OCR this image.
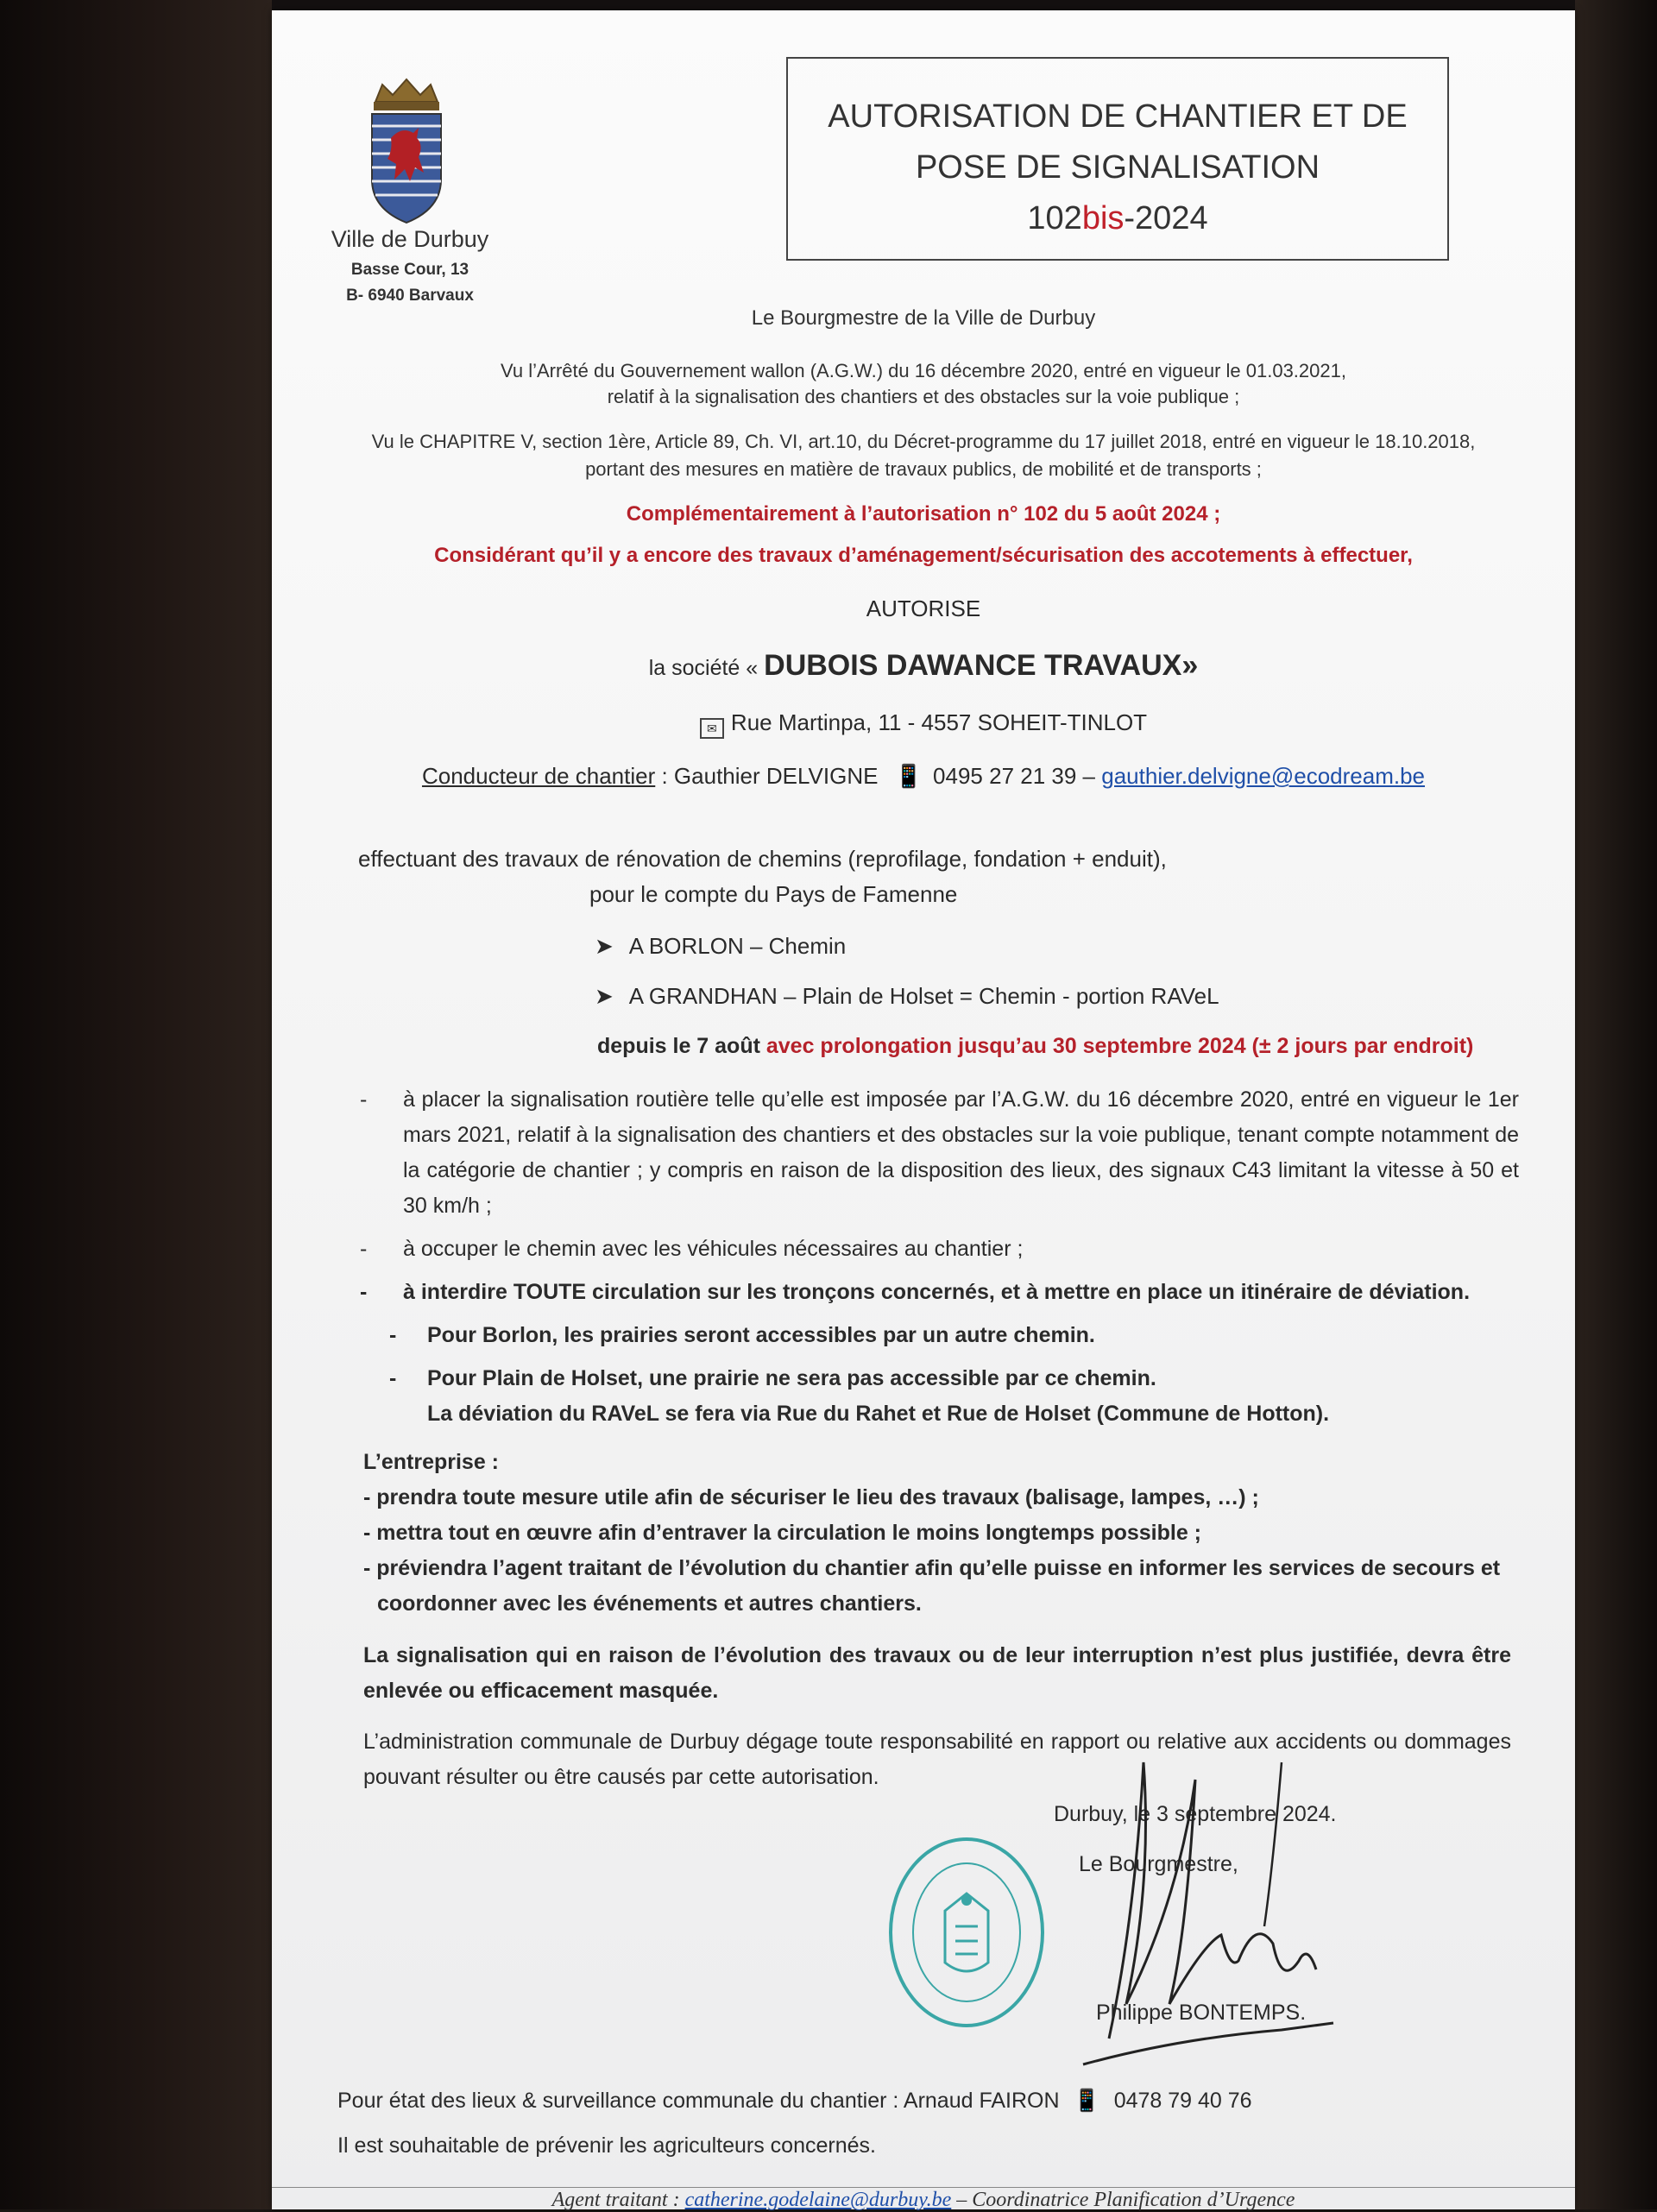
Ville de Durbuy
Basse Cour, 13
B- 6940 Barvaux
AUTORISATION DE CHANTIER ET DE
POSE DE SIGNALISATION
102bis-2024
Le Bourgmestre de la Ville de Durbuy
Vu l’Arrêté du Gouvernement wallon (A.G.W.) du 16 décembre 2020, entré en vigueur le 01.03.2021,
relatif à la signalisation des chantiers et des obstacles sur la voie publique ;
Vu le CHAPITRE V, section 1ère, Article 89, Ch. VI, art.10, du Décret-programme du 17 juillet 2018, entré en vigueur le 18.10.2018,
portant des mesures en matière de travaux publics, de mobilité et de transports ;
Complémentairement à l’autorisation n° 102 du 5 août 2024 ;
Considérant qu’il y a encore des travaux d’aménagement/sécurisation des accotements à effectuer,
AUTORISE
la société « DUBOIS DAWANCE TRAVAUX»
✉ Rue Martinpa, 11 - 4557 SOHEIT-TINLOT
Conducteur de chantier : Gauthier DELVIGNE 📱 0495 27 21 39 – gauthier.delvigne@ecodream.be
effectuant des travaux de rénovation de chemins (reprofilage, fondation + enduit),
pour le compte du Pays de Famenne
➤ A BORLON – Chemin
➤ A GRANDHAN – Plain de Holset = Chemin - portion RAVeL
depuis le 7 août avec prolongation jusqu’au 30 septembre 2024 (± 2 jours par endroit)
- à placer la signalisation routière telle qu’elle est imposée par l’A.G.W. du 16 décembre 2020, entré en vigueur le 1er mars 2021, relatif à la signalisation des chantiers et des obstacles sur la voie publique, tenant compte notamment de la catégorie de chantier ; y compris en raison de la disposition des lieux, des signaux C43 limitant la vitesse à 50 et 30 km/h ;
- à occuper le chemin avec les véhicules nécessaires au chantier ;
- à interdire TOUTE circulation sur les tronçons concernés, et à mettre en place un itinéraire de déviation.
- Pour Borlon, les prairies seront accessibles par un autre chemin.
- Pour Plain de Holset, une prairie ne sera pas accessible par ce chemin.
La déviation du RAVeL se fera via Rue du Rahet et Rue de Holset (Commune de Hotton).
L’entreprise :
- prendra toute mesure utile afin de sécuriser le lieu des travaux (balisage, lampes, …) ;
- mettra tout en œuvre afin d’entraver la circulation le moins longtemps possible ;
- préviendra l’agent traitant de l’évolution du chantier afin qu’elle puisse en informer les services de secours et
coordonner avec les événements et autres chantiers.
La signalisation qui en raison de l’évolution des travaux ou de leur interruption n’est plus justifiée, devra être enlevée ou efficacement masquée.
L’administration communale de Durbuy dégage toute responsabilité en rapport ou relative aux accidents ou dommages pouvant résulter ou être causés par cette autorisation.
Durbuy, le 3 septembre 2024.
Le Bourgmestre,
Philippe BONTEMPS.
Pour état des lieux & surveillance communale du chantier : Arnaud FAIRON 📱 0478 79 40 76
Il est souhaitable de prévenir les agriculteurs concernés.
Agent traitant : catherine.godelaine@durbuy.be – Coordinatrice Planification d’Urgence
